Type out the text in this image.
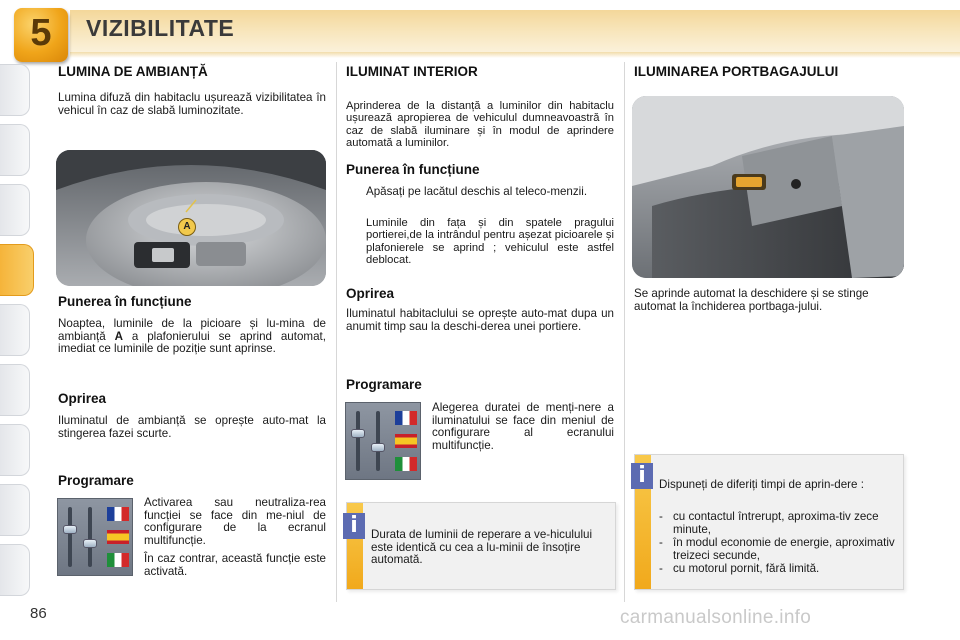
5	VIZIBILITATE
LUMINA DE AMBIANȚĂ
Lumina difuză din habitaclu ușurează vizibilitatea în vehicul în caz de slabă luminozitate.
A
Punerea în funcțiune
Noaptea, luminile de la picioare și lu-mina de ambianță A a plafonierului se aprind automat, imediat ce luminile de poziție sunt aprinse.
Oprirea
Iluminatul de ambianță se oprește auto-mat la stingerea fazei scurte.
Programare
Activarea sau neutraliza-rea funcției se face din me-niul de configurare de la ecranul multifuncție.
În caz contrar, această funcție este activată.
ILUMINAT INTERIOR
Aprinderea de la distanță a luminilor din habitaclu ușurează apropierea de vehiculul dumneavoastră în caz de slabă iluminare și în modul de aprindere automată a luminilor.
Punerea în funcțiune
Apăsați pe lacătul deschis al teleco-menzii.
Luminile din fața și din spatele pragului portierei,de la intrândul pentru așezat picioarele și plafonierele se aprind ; vehiculul este astfel deblocat.
Oprirea
Iluminatul habitaclului se oprește auto-mat dupa un anumit timp sau la deschi-derea unei portiere.
Programare
Alegerea duratei de menți-nere a iluminatului se face din meniul de configurare al ecranului multifuncție.
i	Durata de luminii de reperare a ve-hiculului este identică cu cea a lu-minii de însoțire automată.
ILUMINAREA PORTBAGAJULUI
Se aprinde automat la deschidere și se stinge automat la închiderea portbaga-jului.
i	Dispuneți de diferiți timpi de aprin-dere :
- cu contactul întrerupt, aproxima-tiv zece minute,
- în modul economie de energie, aproximativ treizeci secunde,
- cu motorul pornit, fără limită.
86	carmanualsonline.info
